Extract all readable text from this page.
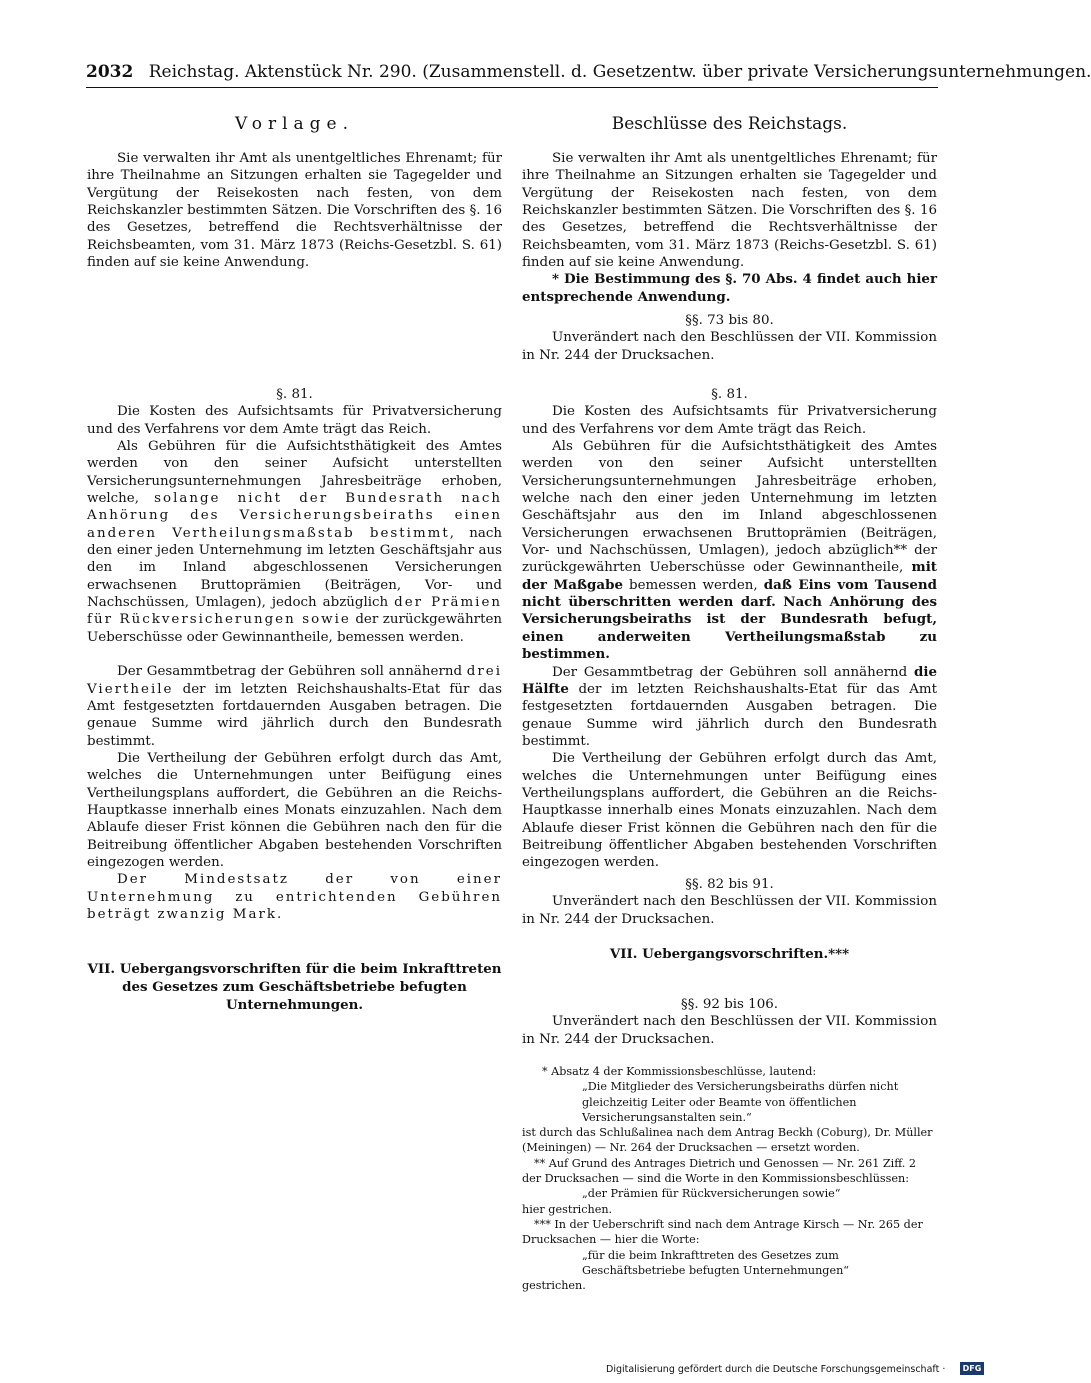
2032 Reichstag. Aktenstück Nr. 290. (Zusammenstell. d. Gesetzentw. über private Versicherungsunternehmungen.
Vorlage.

Sie verwalten ihr Amt als unentgeltliches Ehrenamt; für ihre Theilnahme an Sitzungen erhalten sie Tagegelder und Vergütung der Reisekosten nach festen, von dem Reichskanzler bestimmten Sätzen. Die Vorschriften des §. 16 des Gesetzes, betreffend die Rechtsverhältnisse der Reichsbeamten, vom 31. März 1873 (Reichs-Gesetzbl. S. 61) finden auf sie keine Anwendung.

§. 81.

Die Kosten des Aufsichtsamts für Privatversicherung und des Verfahrens vor dem Amte trägt das Reich.

Als Gebühren für die Aufsichtsthätigkeit des Amtes werden von den seiner Aufsicht unterstellten Versicherungsunternehmungen Jahresbeiträge erhoben, welche, solange nicht der Bundesrath nach Anhörung des Versicherungsbeiraths einen anderen Vertheilungsmaßstab bestimmt, nach den einer jeden Unternehmung im letzten Geschäftsjahr aus den im Inland abgeschlossenen Versicherungen erwachsenen Bruttoprämien (Beiträgen, Vor- und Nachschüssen, Umlagen), jedoch abzüglich der Prämien für Rückversicherungen sowie der zurückgewährten Ueberschüsse oder Gewinnantheile, bemessen werden.

Der Gesammtbetrag der Gebühren soll annähernd drei Viertheile der im letzten Reichshaushalts-Etat für das Amt festgesetzten fortdauernden Ausgaben betragen. Die genaue Summe wird jährlich durch den Bundesrath bestimmt.

Die Vertheilung der Gebühren erfolgt durch das Amt, welches die Unternehmungen unter Beifügung eines Vertheilungsplans auffordert, die Gebühren an die Reichs-Hauptkasse innerhalb eines Monats einzuzahlen. Nach dem Ablaufe dieser Frist können die Gebühren nach den für die Beitreibung öffentlicher Abgaben bestehenden Vorschriften eingezogen werden.

Der Mindestsatz der von einer Unternehmung zu entrichtenden Gebühren beträgt zwanzig Mark.

VII. Uebergangsvorschriften für die beim Inkrafttreten des Gesetzes zum Geschäftsbetriebe befugten Unternehmungen.
Beschlüsse des Reichstags.

Sie verwalten ihr Amt als unentgeltliches Ehrenamt; für ihre Theilnahme an Sitzungen erhalten sie Tagegelder und Vergütung der Reisekosten nach festen, von dem Reichskanzler bestimmten Sätzen. Die Vorschriften des §. 16 des Gesetzes, betreffend die Rechtsverhältnisse der Reichsbeamten, vom 31. März 1873 (Reichs-Gesetzbl. S. 61) finden auf sie keine Anwendung.

* Die Bestimmung des §. 70 Abs. 4 findet auch hier entsprechende Anwendung.

§§. 73 bis 80.

Unverändert nach den Beschlüssen der VII. Kommission in Nr. 244 der Drucksachen.

§. 81.

Die Kosten des Aufsichtsamts für Privatversicherung und des Verfahrens vor dem Amte trägt das Reich.

Als Gebühren für die Aufsichtsthätigkeit des Amtes werden von den seiner Aufsicht unterstellten Versicherungsunternehmungen Jahresbeiträge erhoben, welche nach den einer jeden Unternehmung im letzten Geschäftsjahr aus den im Inland abgeschlossenen Versicherungen erwachsenen Bruttoprämien (Beiträgen, Vor- und Nachschüssen, Umlagen), jedoch abzüglich** der zurückgewährten Ueberschüsse oder Gewinnantheile, mit der Maßgabe bemessen werden, daß Eins vom Tausend nicht überschritten werden darf. Nach Anhörung des Versicherungsbeiraths ist der Bundesrath befugt, einen anderweiten Vertheilungsmaßstab zu bestimmen.

Der Gesammtbetrag der Gebühren soll annähernd die Hälfte der im letzten Reichshaushalts-Etat für das Amt festgesetzten fortdauernden Ausgaben betragen. Die genaue Summe wird jährlich durch den Bundesrath bestimmt.

Die Vertheilung der Gebühren erfolgt durch das Amt, welches die Unternehmungen unter Beifügung eines Vertheilungsplans auffordert, die Gebühren an die Reichs-Hauptkasse innerhalb eines Monats einzuzahlen. Nach dem Ablaufe dieser Frist können die Gebühren nach den für die Beitreibung öffentlicher Abgaben bestehenden Vorschriften eingezogen werden.

§§. 82 bis 91.

Unverändert nach den Beschlüssen der VII. Kommission in Nr. 244 der Drucksachen.

VII. Uebergangsvorschriften.***

§§. 92 bis 106.

Unverändert nach den Beschlüssen der VII. Kommission in Nr. 244 der Drucksachen.

* Absatz 4 der Kommissionsbeschlüsse, lautend:

„Die Mitglieder des Versicherungsbeiraths dürfen nicht gleichzeitig Leiter oder Beamte von öffentlichen Versicherungsanstalten sein.“

ist durch das Schlußalinea nach dem Antrag Beckh (Coburg), Dr. Müller (Meiningen) — Nr. 264 der Drucksachen — ersetzt worden.

** Auf Grund des Antrages Dietrich und Genossen — Nr. 261 Ziff. 2 der Drucksachen — sind die Worte in den Kommissionsbeschlüssen:

„der Prämien für Rückversicherungen sowie“

hier gestrichen.

*** In der Ueberschrift sind nach dem Antrage Kirsch — Nr. 265 der Drucksachen — hier die Worte:

„für die beim Inkrafttreten des Gesetzes zum Geschäftsbetriebe befugten Unternehmungen“

gestrichen.

Digitalisierung gefördert durch die Deutsche Forschungsgemeinschaft ·	DFG
